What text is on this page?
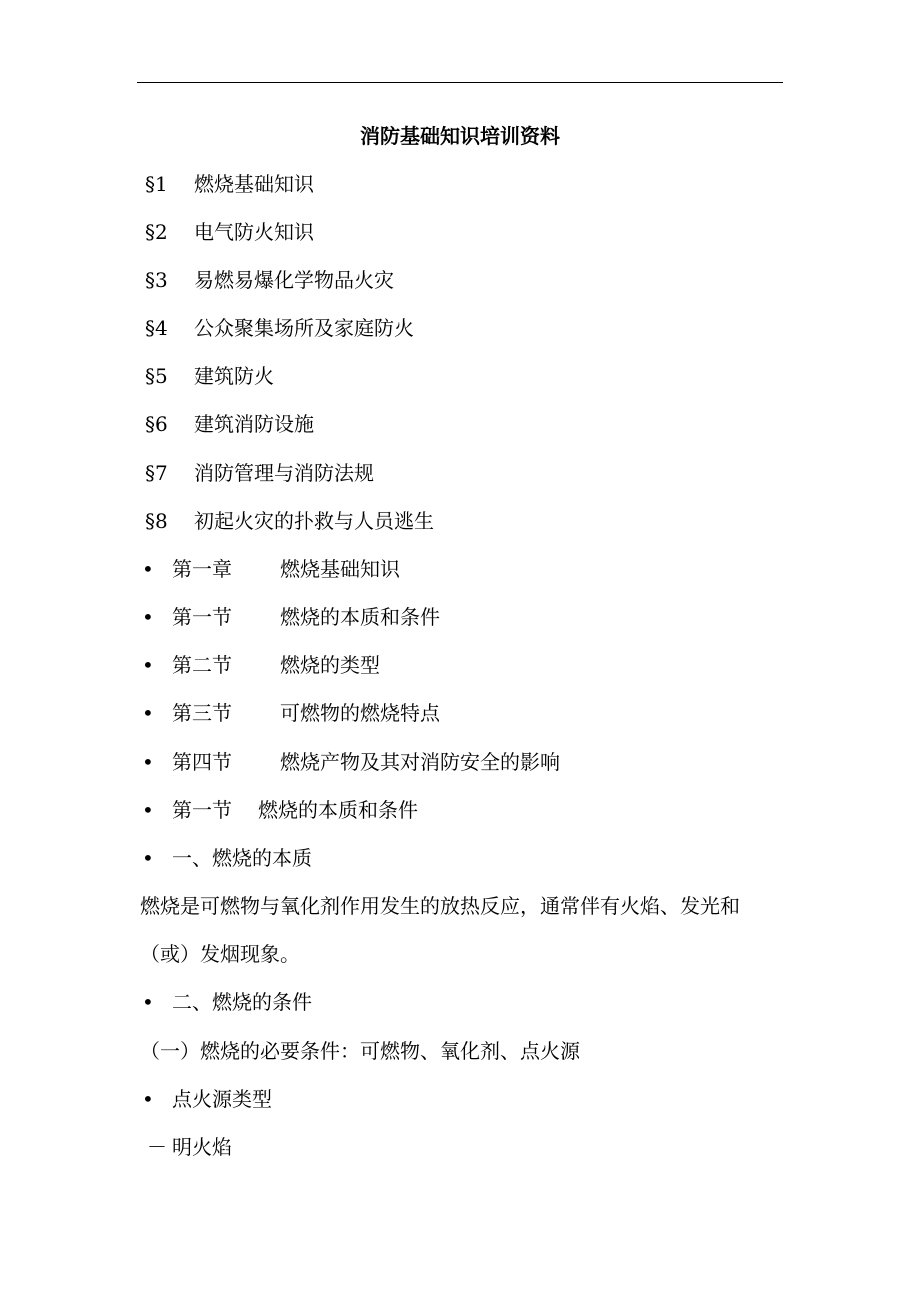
消防基础知识培训资料
§1 燃烧基础知识
§2 电气防火知识
§3 易燃易爆化学物品火灾
§4 公众聚集场所及家庭防火
§5 建筑防火
§6 建筑消防设施
§7 消防管理与消防法规
§8 初起火灾的扑救与人员逃生
• 第一章 燃烧基础知识
• 第一节 燃烧的本质和条件
• 第二节 燃烧的类型
• 第三节 可燃物的燃烧特点
• 第四节 燃烧产物及其对消防安全的影响
• 第一节 燃烧的本质和条件
• 一、燃烧的本质
燃烧是可燃物与氧化剂作用发生的放热反应，通常伴有火焰、发光和
（或）发烟现象。
• 二、燃烧的条件
（一）燃烧的必要条件：可燃物、氧化剂、点火源
• 点火源类型
－ 明火焰
